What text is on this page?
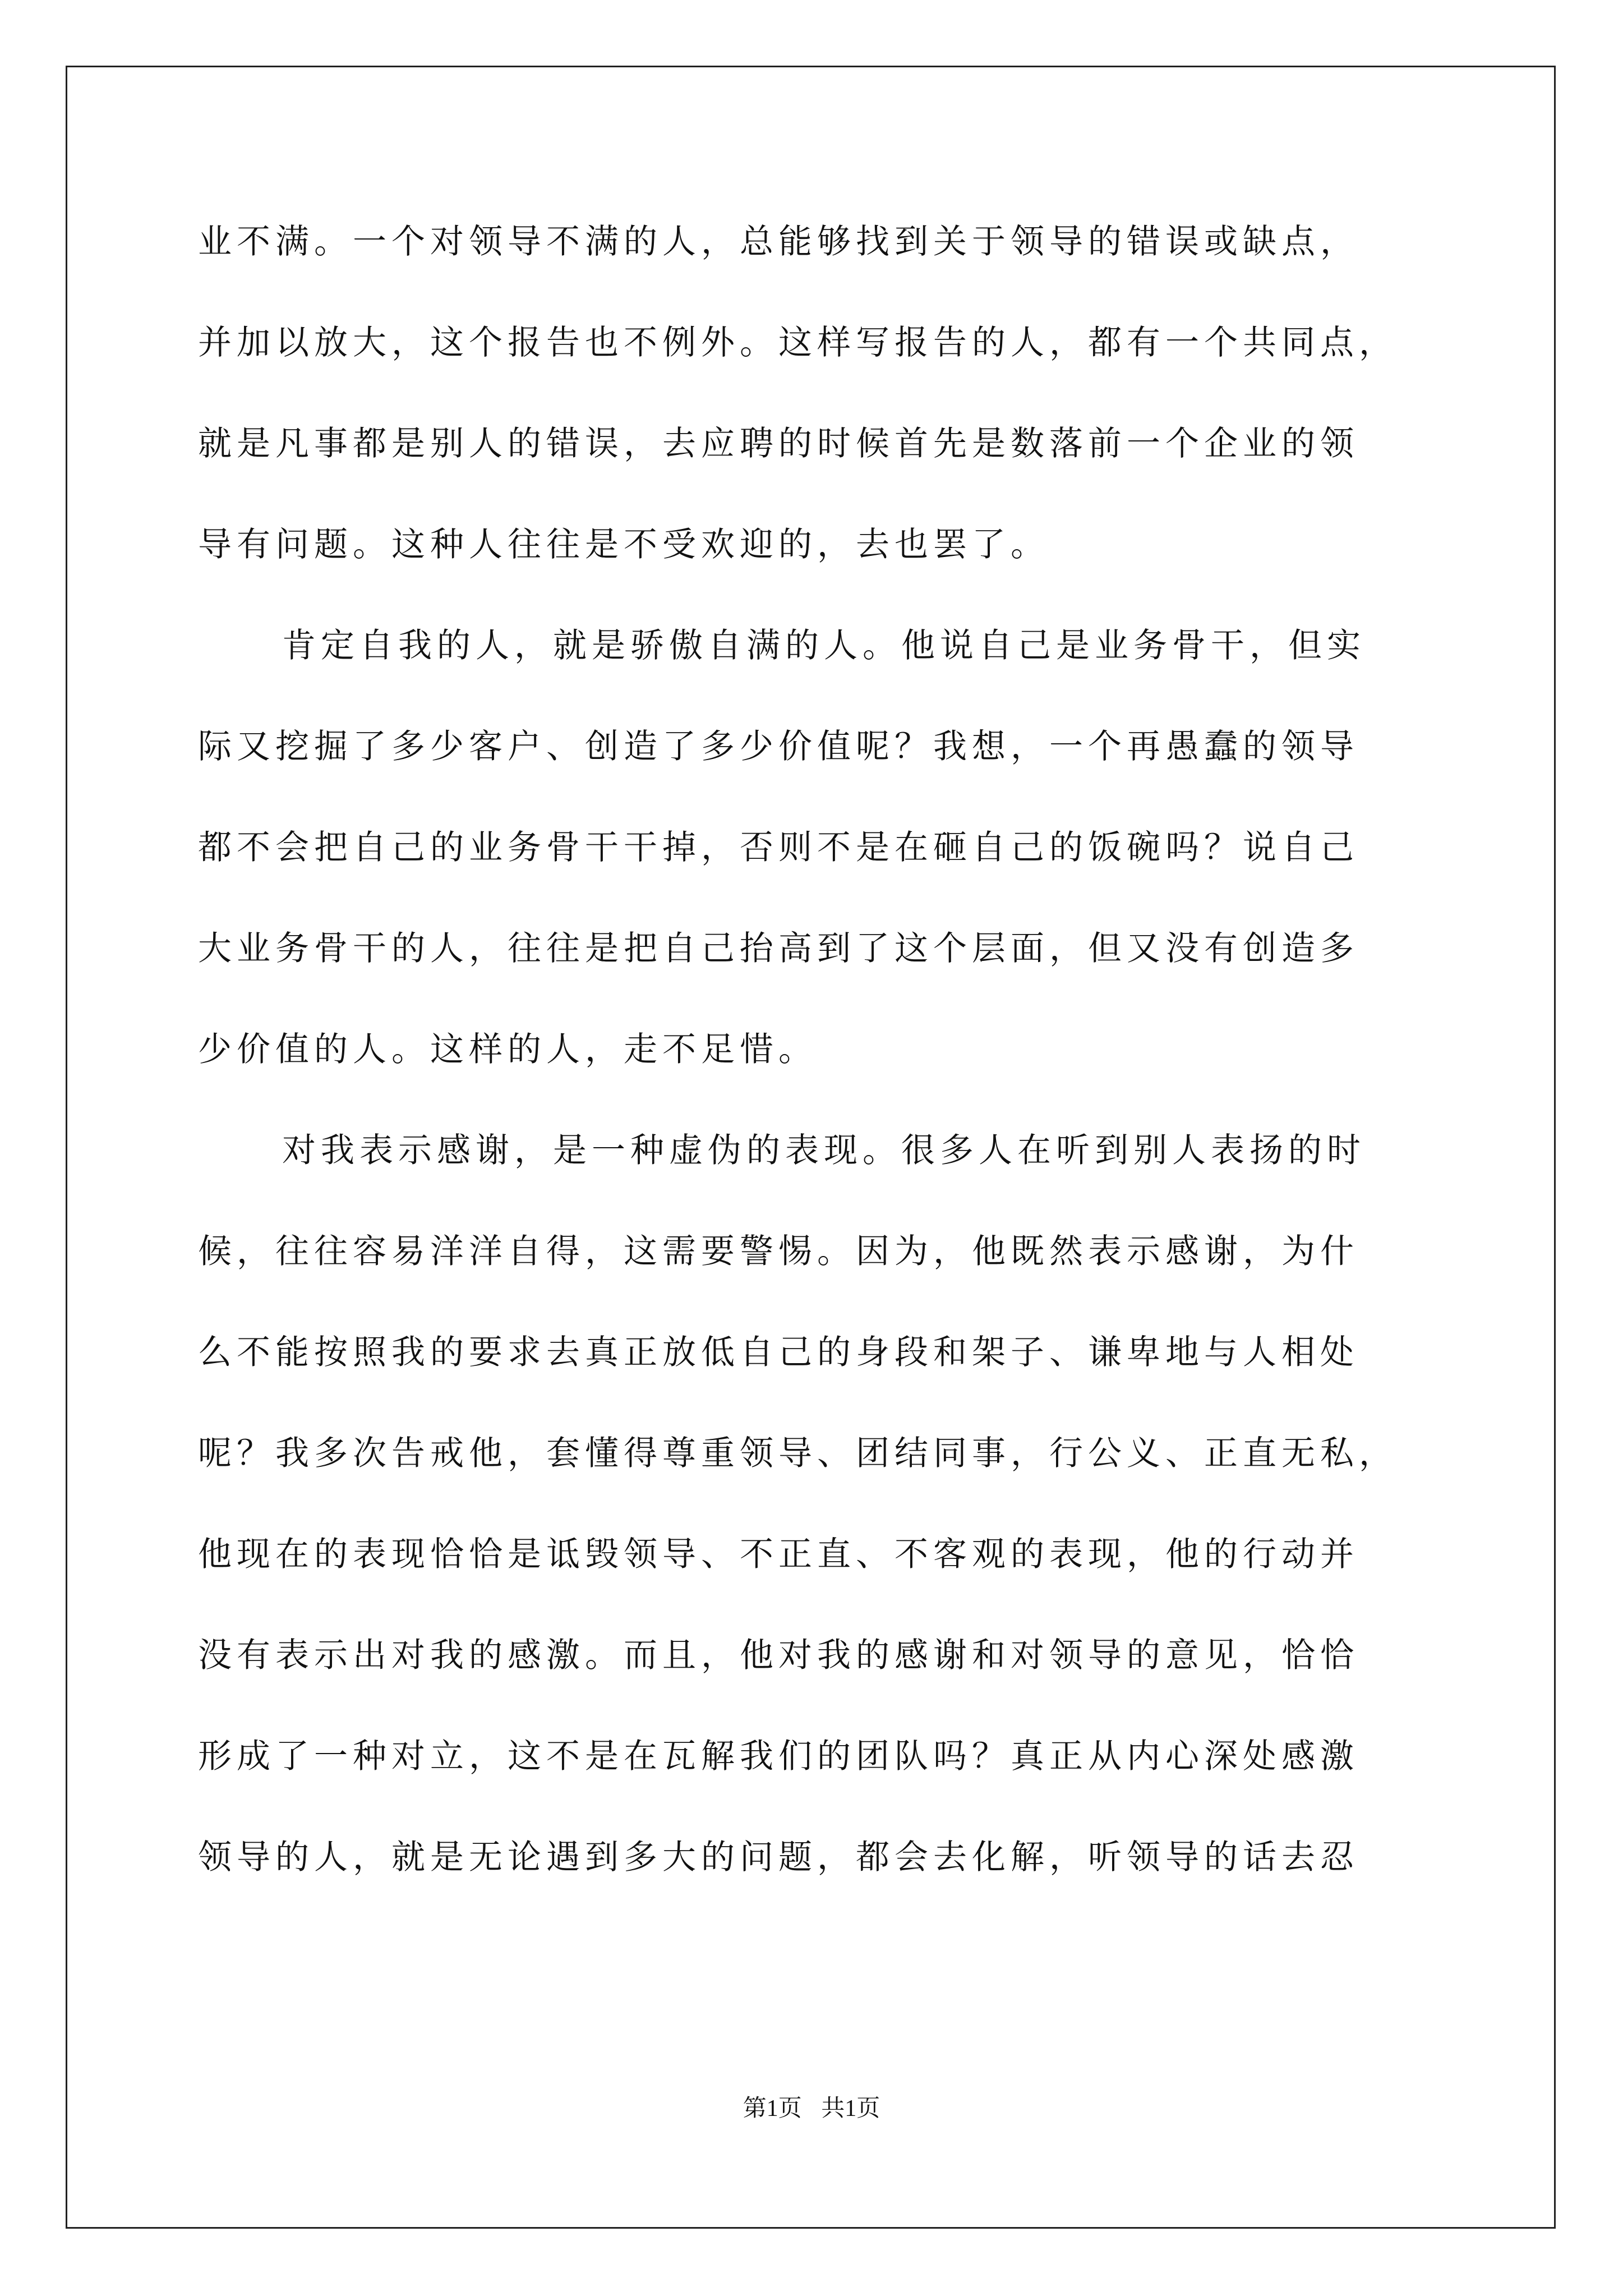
业不满。一个对领导不满的人，总能够找到关于领导的错误或缺点，
并加以放大，这个报告也不例外。这样写报告的人，都有一个共同点，
就是凡事都是别人的错误，去应聘的时候首先是数落前一个企业的领
导有问题。这种人往往是不受欢迎的，去也罢了。
肯定自我的人，就是骄傲自满的人。他说自己是业务骨干，但实
际又挖掘了多少客户、创造了多少价值呢？我想，一个再愚蠢的领导
都不会把自己的业务骨干干掉，否则不是在砸自己的饭碗吗？说自己
大业务骨干的人，往往是把自己抬高到了这个层面，但又没有创造多
少价值的人。这样的人，走不足惜。
对我表示感谢，是一种虚伪的表现。很多人在听到别人表扬的时
候，往往容易洋洋自得，这需要警惕。因为，他既然表示感谢，为什
么不能按照我的要求去真正放低自己的身段和架子、谦卑地与人相处
呢？我多次告戒他，套懂得尊重领导、团结同事，行公义、正直无私，
他现在的表现恰恰是诋毁领导、不正直、不客观的表现，他的行动并
没有表示出对我的感激。而且，他对我的感谢和对领导的意见，恰恰
形成了一种对立，这不是在瓦解我们的团队吗？真正从内心深处感激
领导的人，就是无论遇到多大的问题，都会去化解，听领导的话去忍
第1页 共1页
